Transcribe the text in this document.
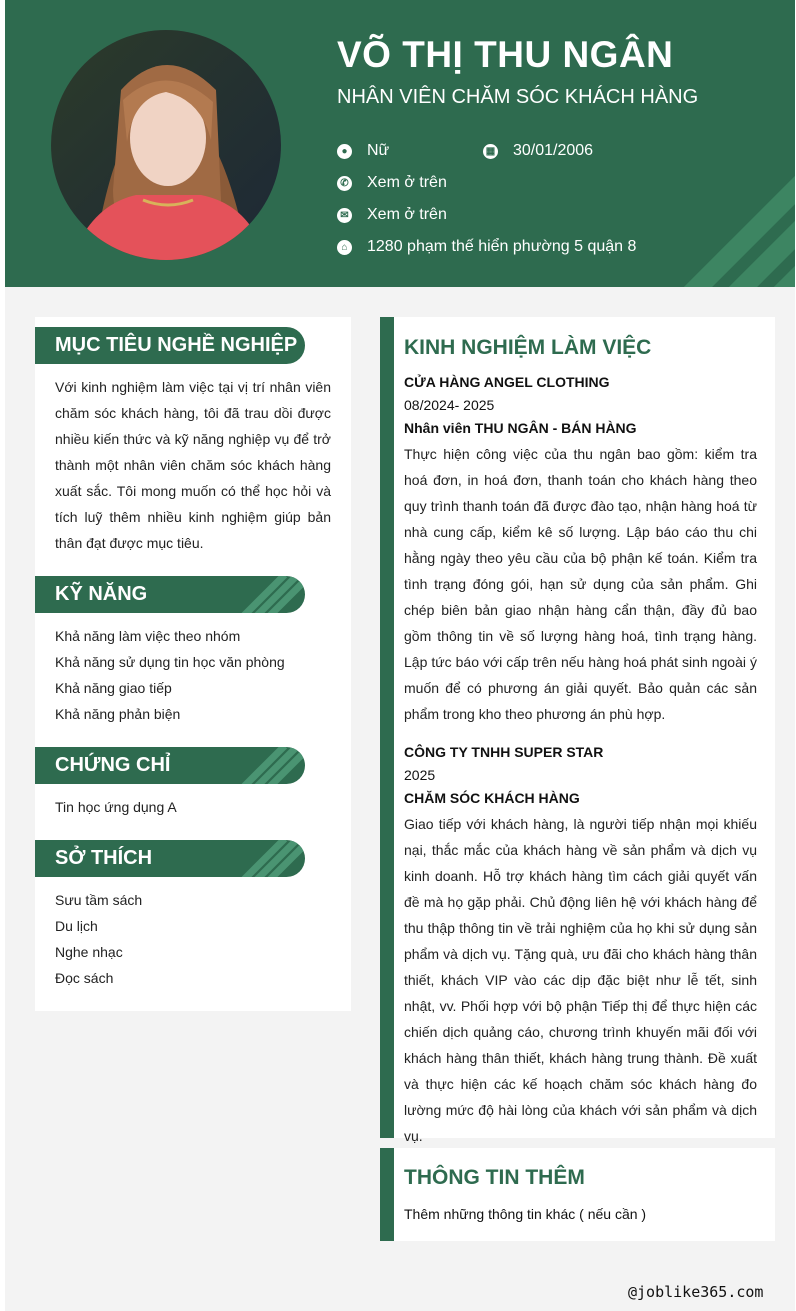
VÕ THỊ THU NGÂN
NHÂN VIÊN CHĂM SÓC KHÁCH HÀNG
● Nữ	▦ 30/01/2006
✆ Xem ở trên
✉ Xem ở trên
⌂ 1280 phạm thế hiển phường 5 quận 8
MỤC TIÊU NGHỀ NGHIỆP
Với kinh nghiệm làm việc tại vị trí nhân viên chăm sóc khách hàng, tôi đã trau dồi được nhiều kiến thức và kỹ năng nghiệp vụ để trở thành một nhân viên chăm sóc khách hàng xuất sắc. Tôi mong muốn có thể học hỏi và tích luỹ thêm nhiều kinh nghiệm giúp bản thân đạt được mục tiêu.
KỸ NĂNG
Khả năng làm việc theo nhóm
Khả năng sử dụng tin học văn phòng
Khả năng giao tiếp
Khả năng phản biện
CHỨNG CHỈ
Tin học ứng dụng A
SỞ THÍCH
Sưu tầm sách
Du lịch
Nghe nhạc
Đọc sách
KINH NGHIỆM LÀM VIỆC
CỬA HÀNG ANGEL CLOTHING
08/2024- 2025
Nhân viên THU NGÂN - BÁN HÀNG
Thực hiện công việc của thu ngân bao gồm: kiểm tra hoá đơn, in hoá đơn, thanh toán cho khách hàng theo quy trình thanh toán đã được đào tạo, nhận hàng hoá từ nhà cung cấp, kiểm kê số lượng. Lập báo cáo thu chi hằng ngày theo yêu cầu của bộ phận kế toán. Kiểm tra tình trạng đóng gói, hạn sử dụng của sản phẩm. Ghi chép biên bản giao nhận hàng cẩn thận, đầy đủ bao gồm thông tin về số lượng hàng hoá, tình trạng hàng. Lập tức báo với cấp trên nếu hàng hoá phát sinh ngoài ý muốn để có phương án giải quyết. Bảo quản các sản phẩm trong kho theo phương án phù hợp.
CÔNG TY TNHH SUPER STAR
2025
CHĂM SÓC KHÁCH HÀNG
Giao tiếp với khách hàng, là người tiếp nhận mọi khiếu nại, thắc mắc của khách hàng về sản phẩm và dịch vụ kinh doanh. Hỗ trợ khách hàng tìm cách giải quyết vấn đề mà họ gặp phải. Chủ động liên hệ với khách hàng để thu thập thông tin về trải nghiệm của họ khi sử dụng sản phẩm và dịch vụ. Tặng quà, ưu đãi cho khách hàng thân thiết, khách VIP vào các dịp đặc biệt như lễ tết, sinh nhật, vv. Phối hợp với bộ phận Tiếp thị để thực hiện các chiến dịch quảng cáo, chương trình khuyến mãi đối với khách hàng thân thiết, khách hàng trung thành. Đề xuất và thực hiện các kế hoạch chăm sóc khách hàng đo lường mức độ hài lòng của khách với sản phẩm và dịch vụ.
THÔNG TIN THÊM
Thêm những thông tin khác ( nếu cần )
@joblike365.com
